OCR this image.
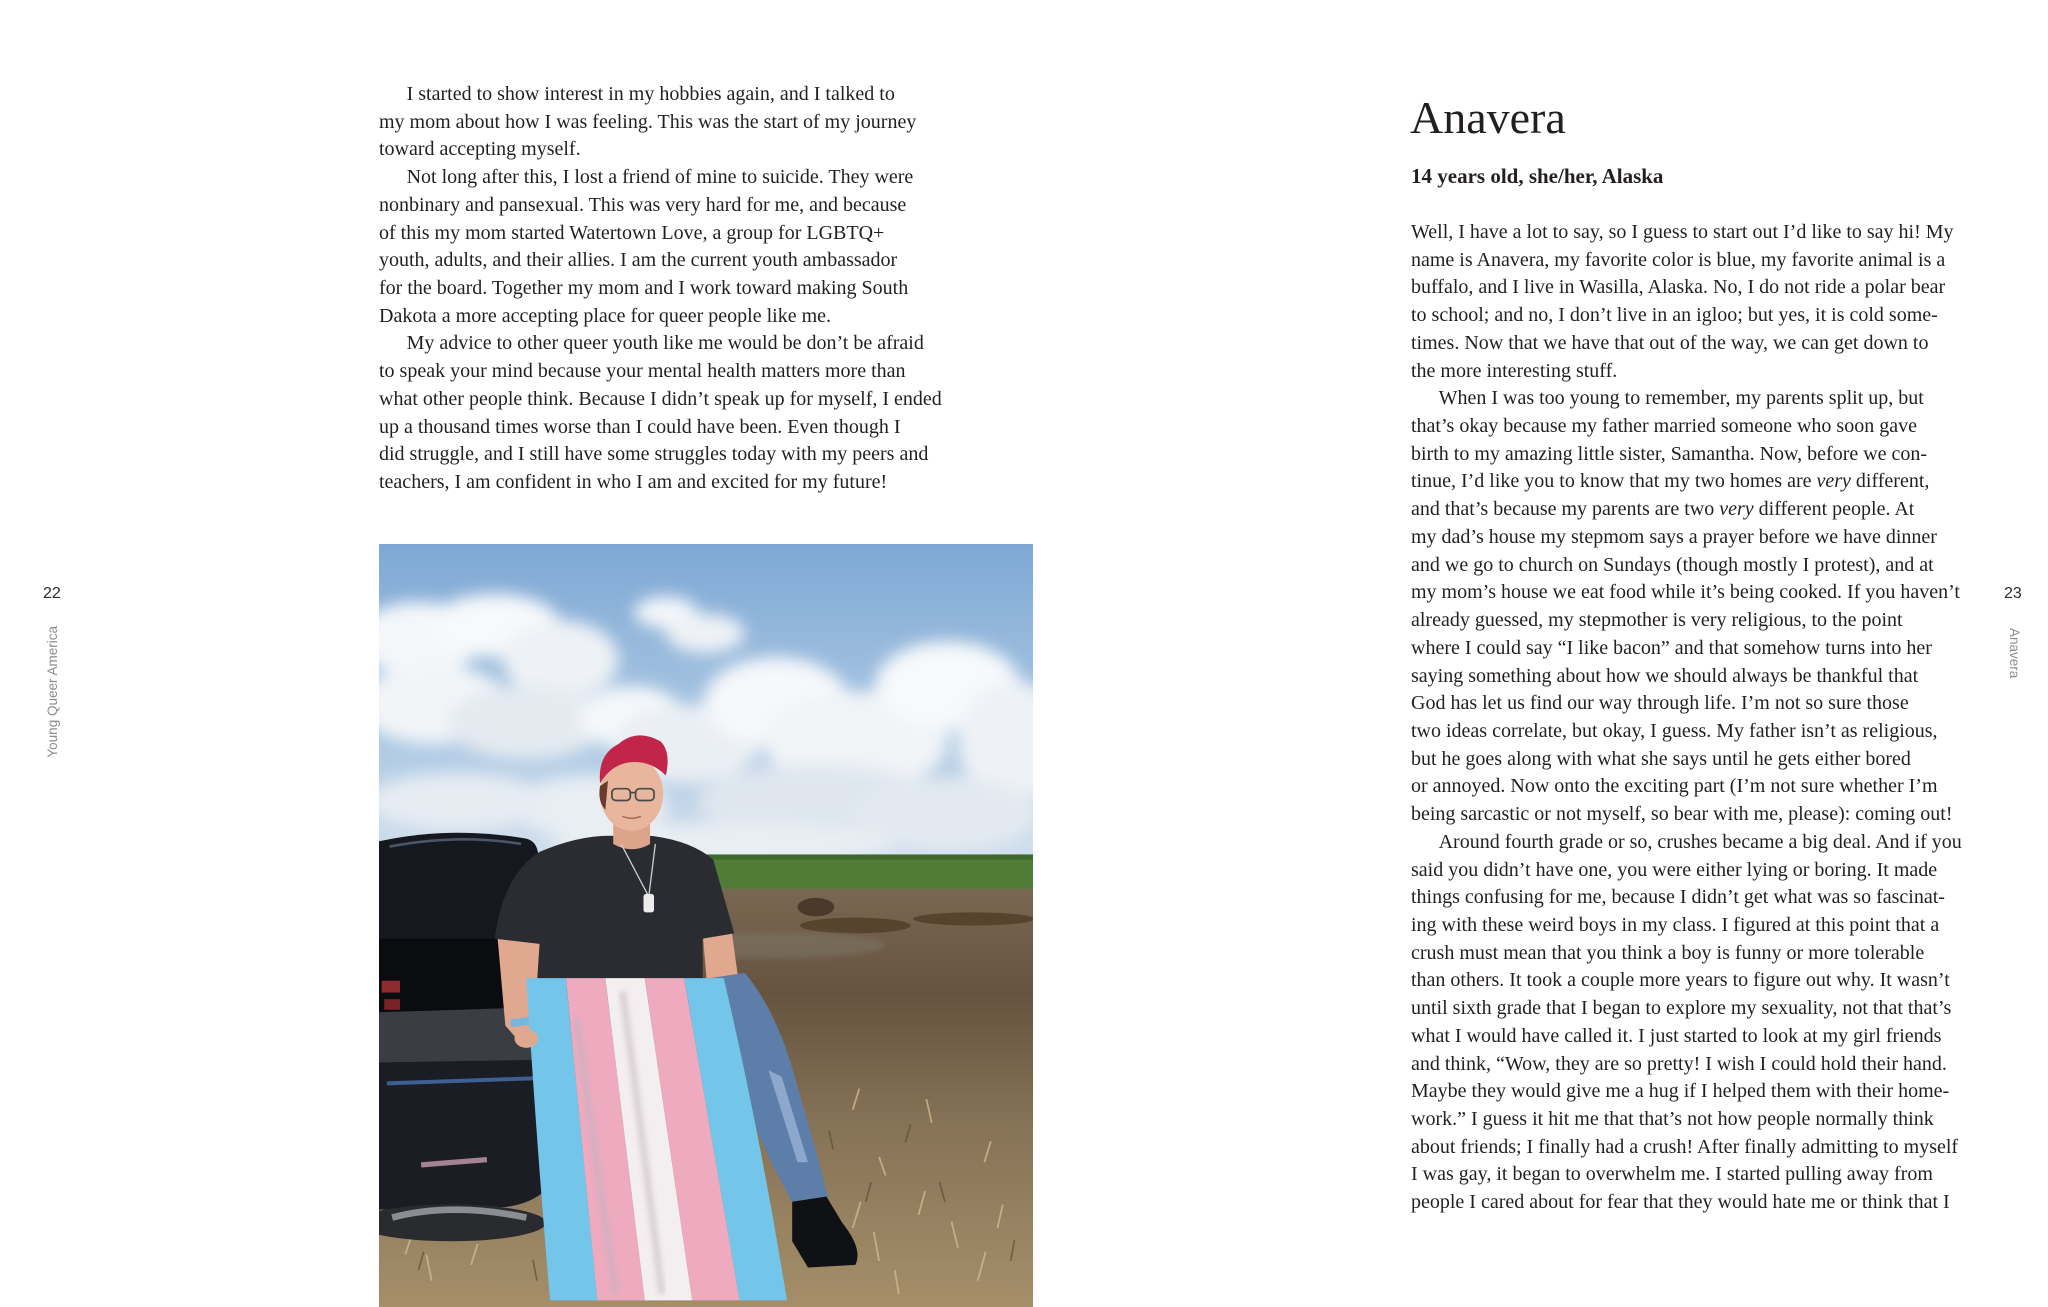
22
Young Queer America
I started to show interest in my hobbies again, and I talked to
my mom about how I was feeling. This was the start of my journey
toward accepting myself.
Not long after this, I lost a friend of mine to suicide. They were
nonbinary and pansexual. This was very hard for me, and because
of this my mom started Watertown Love, a group for LGBTQ+
youth, adults, and their allies. I am the current youth ambassador
for the board. Together my mom and I work toward making South
Dakota a more accepting place for queer people like me.
My advice to other queer youth like me would be don’t be afraid
to speak your mind because your mental health matters more than
what other people think. Because I didn’t speak up for myself, I ended
up a thousand times worse than I could have been. Even though I
did struggle, and I still have some struggles today with my peers and
teachers, I am confident in who I am and excited for my future!
Anavera
14 years old, she/her, Alaska
Well, I have a lot to say, so I guess to start out I’d like to say hi! My
name is Anavera, my favorite color is blue, my favorite animal is a
buffalo, and I live in Wasilla, Alaska. No, I do not ride a polar bear
to school; and no, I don’t live in an igloo; but yes, it is cold some-
times. Now that we have that out of the way, we can get down to
the more interesting stuff.
When I was too young to remember, my parents split up, but
that’s okay because my father married someone who soon gave
birth to my amazing little sister, Samantha. Now, before we con-
tinue, I’d like you to know that my two homes are very different,
and that’s because my parents are two very different people. At
my dad’s house my stepmom says a prayer before we have dinner
and we go to church on Sundays (though mostly I protest), and at
my mom’s house we eat food while it’s being cooked. If you haven’t
already guessed, my stepmother is very religious, to the point
where I could say “I like bacon” and that somehow turns into her
saying something about how we should always be thankful that
God has let us find our way through life. I’m not so sure those
two ideas correlate, but okay, I guess. My father isn’t as religious,
but he goes along with what she says until he gets either bored
or annoyed. Now onto the exciting part (I’m not sure whether I’m
being sarcastic or not myself, so bear with me, please): coming out!
Around fourth grade or so, crushes became a big deal. And if you
said you didn’t have one, you were either lying or boring. It made
things confusing for me, because I didn’t get what was so fascinat-
ing with these weird boys in my class. I figured at this point that a
crush must mean that you think a boy is funny or more tolerable
than others. It took a couple more years to figure out why. It wasn’t
until sixth grade that I began to explore my sexuality, not that that’s
what I would have called it. I just started to look at my girl friends
and think, “Wow, they are so pretty! I wish I could hold their hand.
Maybe they would give me a hug if I helped them with their home-
work.” I guess it hit me that that’s not how people normally think
about friends; I finally had a crush! After finally admitting to myself
I was gay, it began to overwhelm me. I started pulling away from
people I cared about for fear that they would hate me or think that I
23
Anavera
